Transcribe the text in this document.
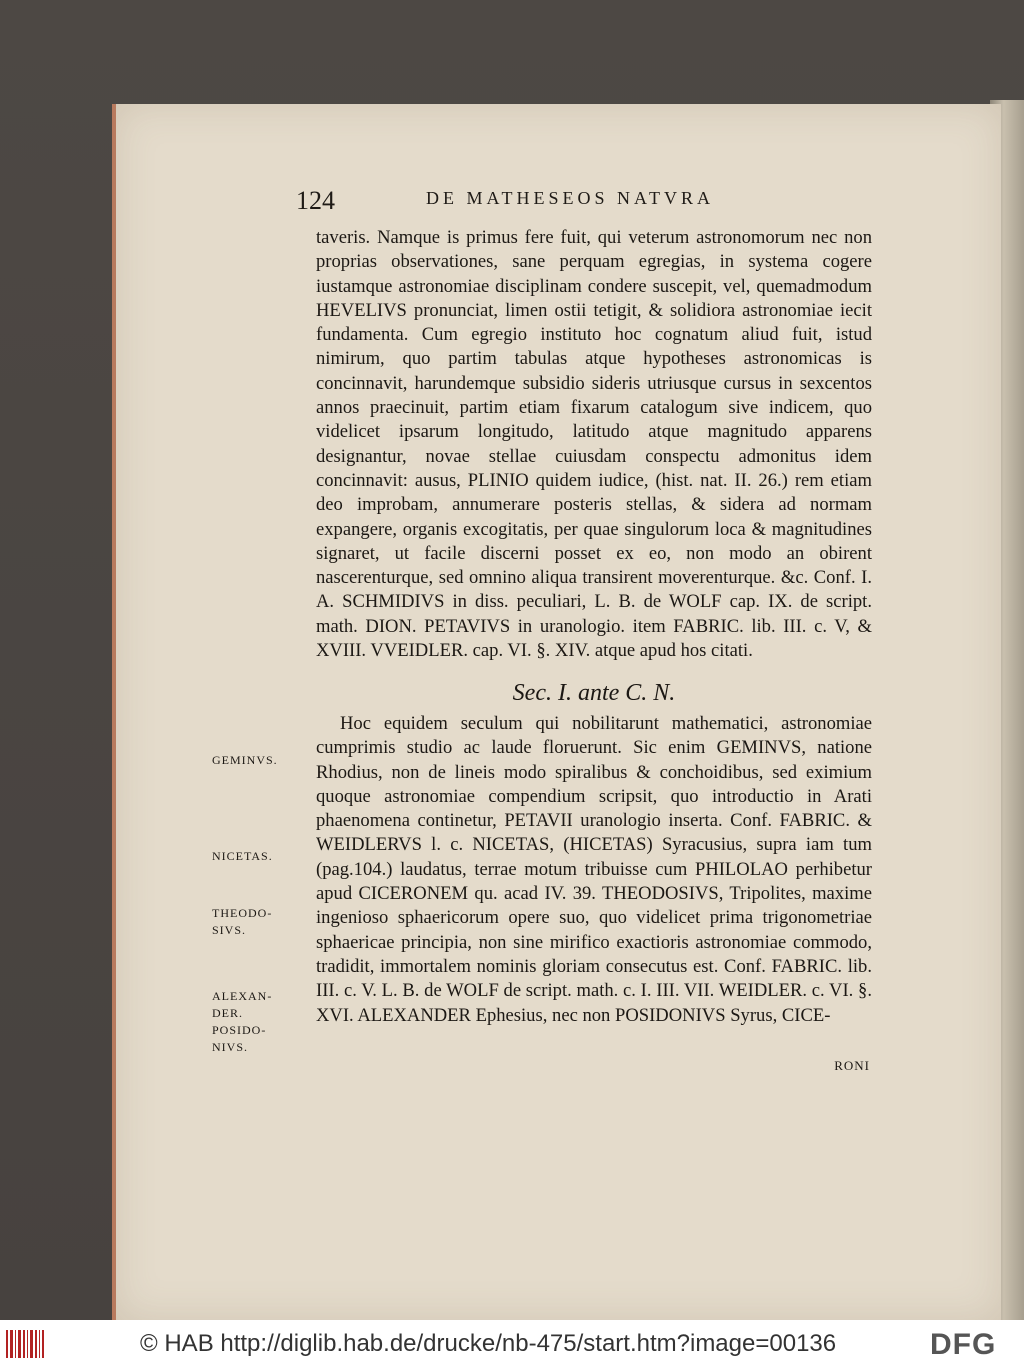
124	DE MATHESEOS NATVRA

taveris. Namque is primus fere fuit, qui veterum astronomorum nec non proprias observationes, sane perquam egregias, in systema cogere iustamque astronomiae disciplinam condere suscepit, vel, quemadmodum HEVELIVS pronunciat, limen ostii tetigit, & solidiora astronomiae iecit fundamenta. Cum egregio instituto hoc cognatum aliud fuit, istud nimirum, quo partim tabulas atque hypotheses astronomicas is concinnavit, harundemque subsidio sideris utriusque cursus in sexcentos annos praecinuit, partim etiam fixarum catalogum sive indicem, quo videlicet ipsarum longitudo, latitudo atque magnitudo apparens designantur, novae stellae cuiusdam conspectu admonitus idem concinnavit: ausus, PLINIO quidem iudice, (hist. nat. II. 26.) rem etiam deo improbam, annumerare posteris stellas, & sidera ad normam expangere, organis excogitatis, per quae singulorum loca & magnitudines signaret, ut facile discerni posset ex eo, non modo an obirent nascerenturque, sed omnino aliqua transirent moverenturque. &c. Conf. I. A. SCHMIDIVS in diss. peculiari, L. B. de WOLF cap. IX. de script. math. DION. PETAVIVS in uranologio. item FABRIC. lib. III. c. V, & XVIII. VVEIDLER. cap. VI. §. XIV. atque apud hos citati.

Sec. I. ante C. N.

Hoc equidem seculum qui nobilitarunt mathematici, astronomiae cumprimis studio ac laude floruerunt. Sic enim GEMINVS, natione Rhodius, non de lineis modo spiralibus & conchoidibus, sed eximium quoque astronomiae compendium scripsit, quo introductio in Arati phaenomena continetur, PETAVII uranologio inserta. Conf. FABRIC. & WEIDLERVS l. c. NICETAS, (HICETAS) Syracusius, supra iam tum (pag.104.) laudatus, terrae motum tribuisse cum PHILOLAO perhibetur apud CICERONEM qu. acad IV. 39. THEODOSIVS, Tripolites, maxime ingenioso sphaericorum opere suo, quo videlicet prima trigonometriae sphaericae principia, non sine mirifico exactioris astronomiae commodo, tradidit, immortalem nominis gloriam consecutus est. Conf. FABRIC. lib. III. c. V. L. B. de WOLF de script. math. c. I. III. VII. WEIDLER. c. VI. §. XVI. ALEXANDER Ephesius, nec non POSIDONIVS Syrus, CICE-

GEMINVS.
NICETAS.
THEODO-
SIVS.
ALEXAN-
DER.
POSIDO-
NIVS.
RONI
© HAB http://diglib.hab.de/drucke/nb-475/start.htm?image=00136	DFG
